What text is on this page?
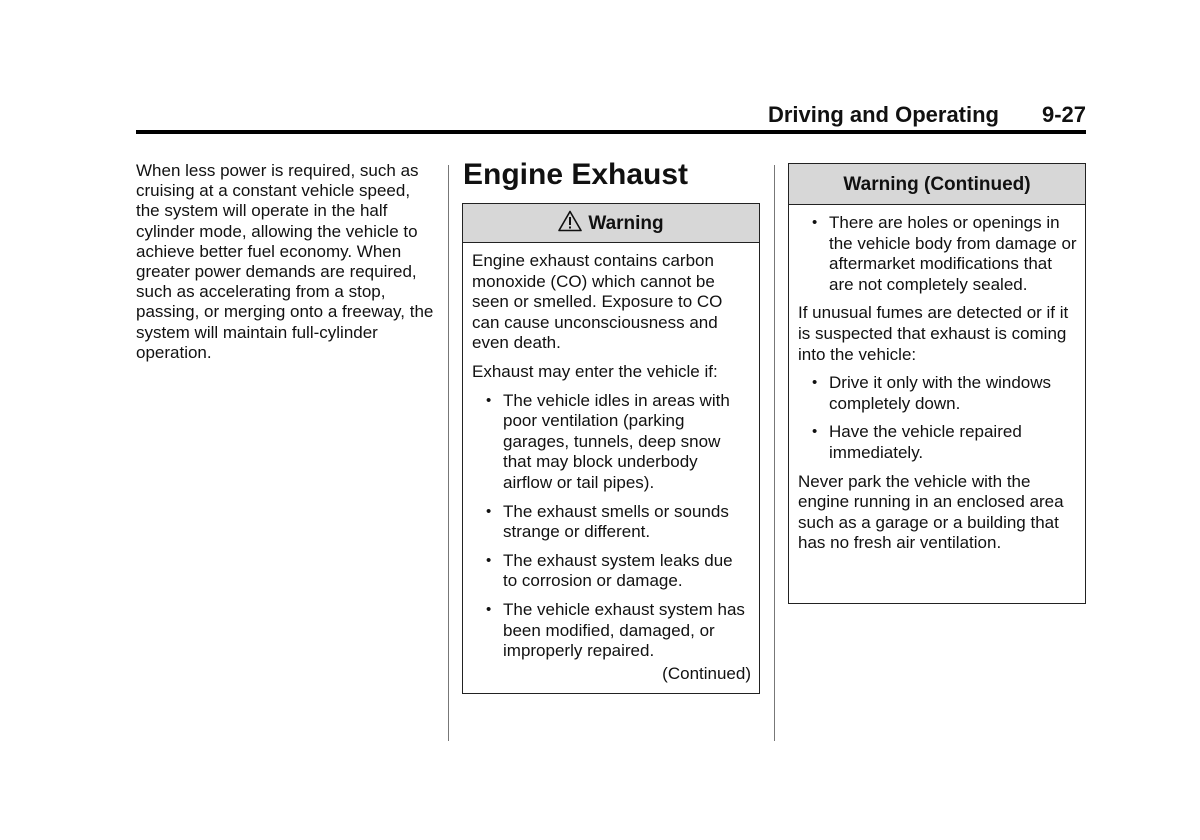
Driving and Operating 9-27
When less power is required, such as cruising at a constant vehicle speed, the system will operate in the half cylinder mode, allowing the vehicle to achieve better fuel economy. When greater power demands are required, such as accelerating from a stop, passing, or merging onto a freeway, the system will maintain full-cylinder operation.
Engine Exhaust
Warning

Engine exhaust contains carbon monoxide (CO) which cannot be seen or smelled. Exposure to CO can cause unconsciousness and even death.

Exhaust may enter the vehicle if:

• The vehicle idles in areas with poor ventilation (parking garages, tunnels, deep snow that may block underbody airflow or tail pipes).
• The exhaust smells or sounds strange or different.
• The exhaust system leaks due to corrosion or damage.
• The vehicle exhaust system has been modified, damaged, or improperly repaired.
(Continued)
Warning (Continued)
• There are holes or openings in the vehicle body from damage or aftermarket modifications that are not completely sealed.

If unusual fumes are detected or if it is suspected that exhaust is coming into the vehicle:

• Drive it only with the windows completely down.
• Have the vehicle repaired immediately.

Never park the vehicle with the engine running in an enclosed area such as a garage or a building that has no fresh air ventilation.
